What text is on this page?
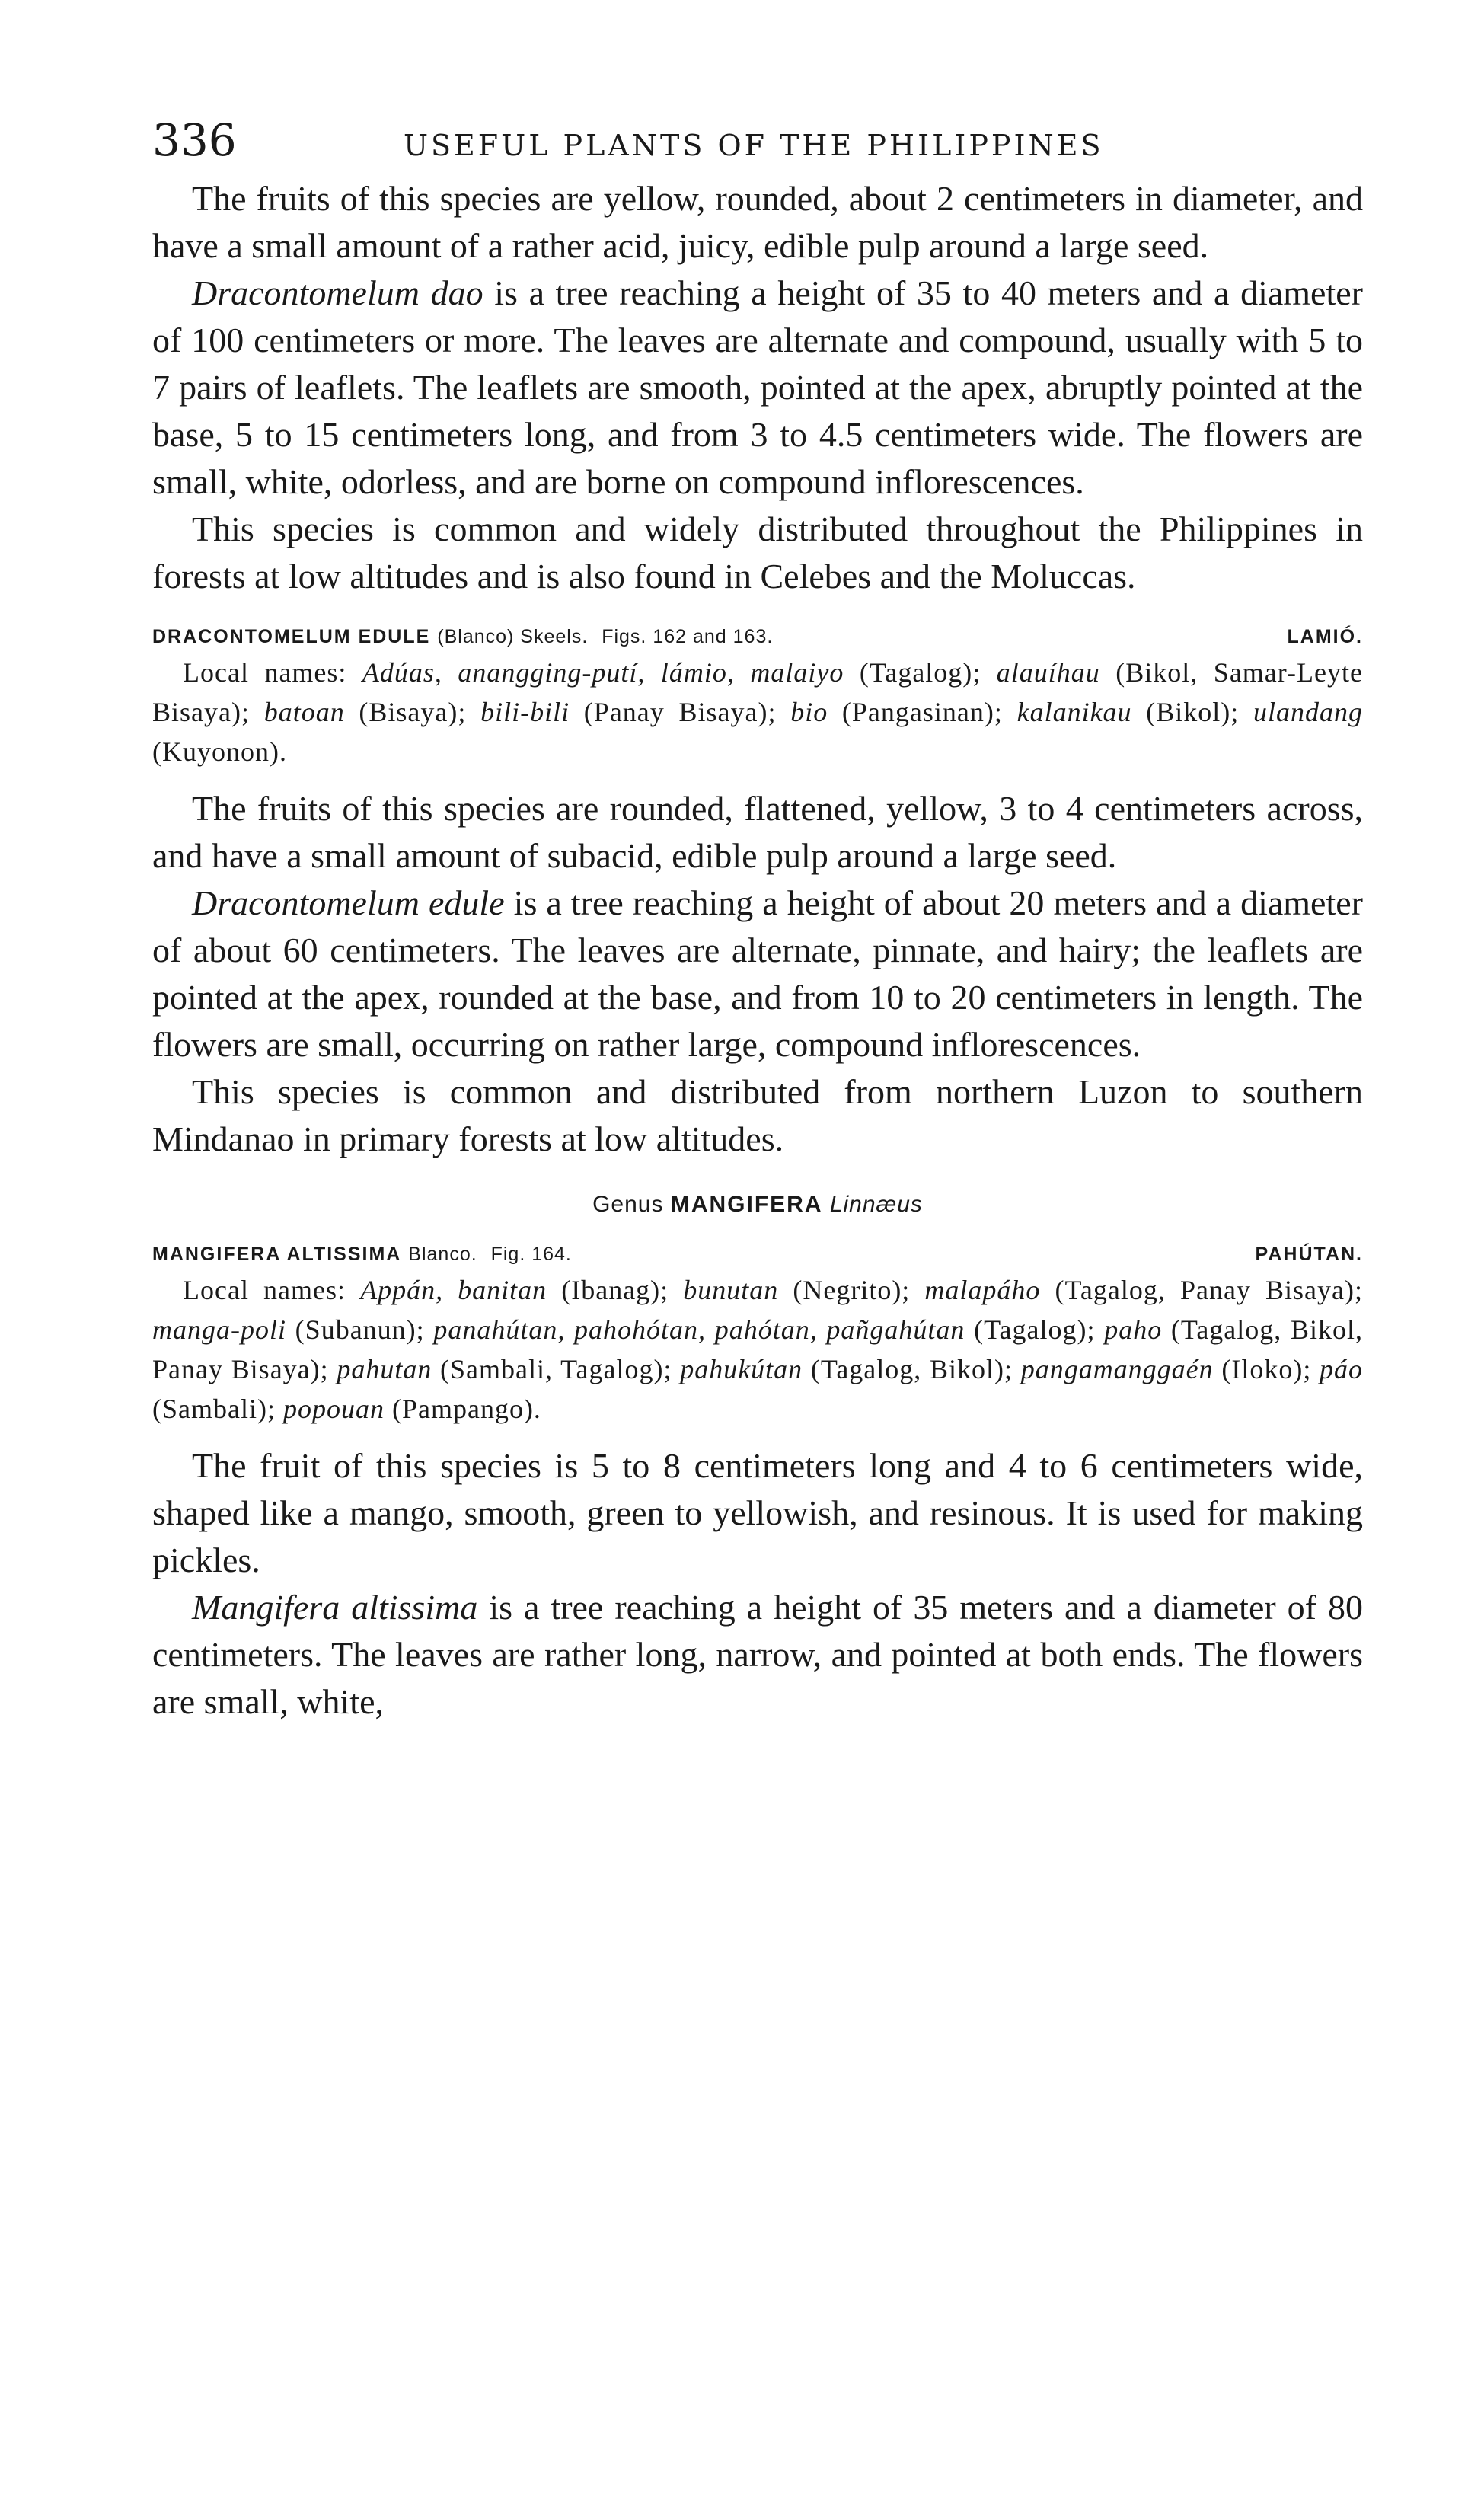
336	USEFUL PLANTS OF THE PHILIPPINES

The fruits of this species are yellow, rounded, about 2 centimeters in diameter, and have a small amount of a rather acid, juicy, edible pulp around a large seed.

Dracontomelum dao is a tree reaching a height of 35 to 40 meters and a diameter of 100 centimeters or more. The leaves are alternate and compound, usually with 5 to 7 pairs of leaflets. The leaflets are smooth, pointed at the apex, abruptly pointed at the base, 5 to 15 centimeters long, and from 3 to 4.5 centimeters wide. The flowers are small, white, odorless, and are borne on compound inflorescences.

This species is common and widely distributed throughout the Philippines in forests at low altitudes and is also found in Celebes and the Moluccas.

DRACONTOMELUM EDULE (Blanco) Skeels. Figs. 162 and 163.	LAMIÓ.

Local names: Adúas, anangging-putí, lámio, malaiyo (Tagalog); alauíhau (Bikol, Samar-Leyte Bisaya); batoan (Bisaya); bili-bili (Panay Bisaya); bio (Pangasinan); kalanikau (Bikol); ulandang (Kuyonon).

The fruits of this species are rounded, flattened, yellow, 3 to 4 centimeters across, and have a small amount of subacid, edible pulp around a large seed.

Dracontomelum edule is a tree reaching a height of about 20 meters and a diameter of about 60 centimeters. The leaves are alternate, pinnate, and hairy; the leaflets are pointed at the apex, rounded at the base, and from 10 to 20 centimeters in length. The flowers are small, occurring on rather large, compound inflorescences.

This species is common and distributed from northern Luzon to southern Mindanao in primary forests at low altitudes.

Genus MANGIFERA Linnæus
MANGIFERA ALTISSIMA Blanco. Fig. 164.	PAHÚTAN.

Local names: Appán, banitan (Ibanag); bunutan (Negrito); malapáho (Tagalog, Panay Bisaya); manga-poli (Subanun); panahútan, pahohótan, pahótan, pañgahútan (Tagalog); paho (Tagalog, Bikol, Panay Bisaya); pahutan (Sambali, Tagalog); pahukútan (Tagalog, Bikol); pangamanggaén (Iloko); páo (Sambali); popouan (Pampango).

The fruit of this species is 5 to 8 centimeters long and 4 to 6 centimeters wide, shaped like a mango, smooth, green to yellowish, and resinous. It is used for making pickles.

Mangifera altissima is a tree reaching a height of 35 meters and a diameter of 80 centimeters. The leaves are rather long, narrow, and pointed at both ends. The flowers are small, white,
